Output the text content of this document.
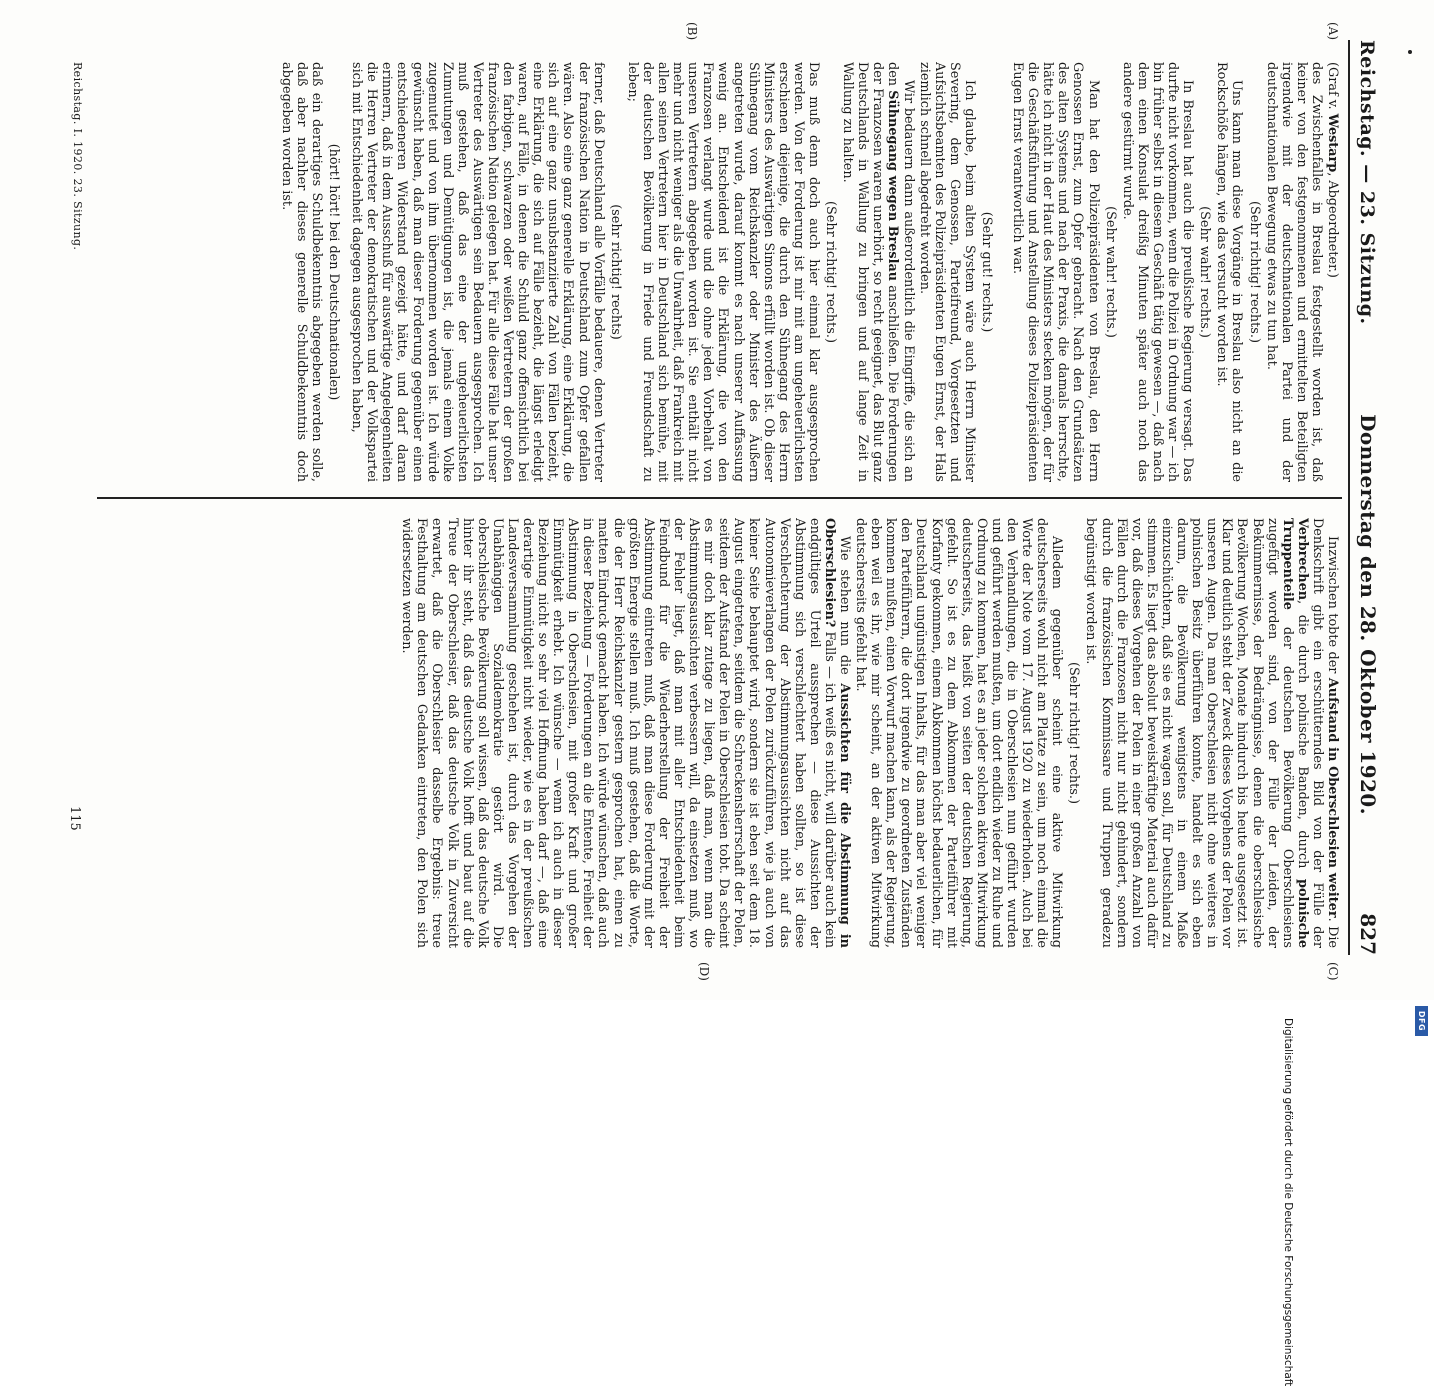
Reichstag. — 23. Sitzung.
Donnerstag den 28. Oktober 1920.
827
(A)
(B)
(C)
(D)

(Graf v. Westarp, Abgeordneter.)

des Zwischenfalles in Breslau festgestellt worden ist, daß keiner von den festgenommenen und ermittelten Beteiligten irgendwie mit der deutschnationalen Partei und der deutschnationalen Bewegung etwas zu tun hat.

(Sehr richtig! rechts.)

Uns kann man diese Vorgänge in Breslau also nicht an die Rockschöße hängen, wie das versucht worden ist.

(Sehr wahr! rechts.)

In Breslau hat auch die preußische Regierung versagt. Das durfte nicht vorkommen, wenn die Polizei in Ordnung war — ich bin früher selbst in diesem Geschäft tätig gewesen —, daß nach dem einen Konsulat dreißig Minuten später auch noch das andere gestürmt wurde.

(Sehr wahr! rechts.)

Man hat den Polizeipräsidenten von Breslau, den Herrn Genossen Ernst, zum Opfer gebracht. Nach den Grundsätzen des alten Systems und nach der Praxis, die damals herrschte, hätte ich nicht in der Haut des Ministers stecken mögen, der für die Geschäftsführung und Anstellung dieses Polizeipräsidenten Eugen Ernst verantwortlich war.

(Sehr gut! rechts.)

Ich glaube, beim alten System wäre auch Herrn Minister Severing, dem Genossen, Parteifreund, Vorgesetzten und Aufsichtsbeamten des Polizeipräsidenten Eugen Ernst, der Hals ziemlich schnell abgedreht worden.

Wir bedauern dann außerordentlich die Eingriffe, die sich an den Sühnegang wegen Breslau anschließen. Die Forderungen der Franzosen waren unerhört, so recht geeignet, das Blut ganz Deutschlands in Wallung zu bringen und auf lange Zeit in Wallung zu halten.

(Sehr richtig! rechts.)

Das muß denn doch auch hier einmal klar ausgesprochen werden. Von der Forderung ist mir mit am ungeheuerlichsten erschienen diejenige, die durch den Sühnegang des Herrn Ministers des Auswärtigen Simons erfüllt worden ist. Ob dieser Sühnegang vom Reichskanzler oder Minister des Äußern angetreten wurde, darauf kommt es nach unserer Auffassung wenig an. Entscheidend ist die Erklärung, die von den Franzosen verlangt wurde und die ohne jeden Vorbehalt von unseren Vertretern abgegeben worden ist. Sie enthält nicht mehr und nicht weniger als die Unwahrheit, daß Frankreich mit allen seinen Vertretern hier in Deutschland sich bemühe, mit der deutschen Bevölkerung in Friede und Freundschaft zu leben;

(sehr richtig! rechts)

ferner, daß Deutschland alle Vorfälle bedauere, denen Vertreter der französischen Nation in Deutschland zum Opfer gefallen wären. Also eine ganz generelle Erklärung, eine Erklärung, die sich auf eine ganz unsubstanziierte Zahl von Fällen bezieht, eine Erklärung, die sich auf Fälle bezieht, die längst erledigt waren, auf Fälle, in denen die Schuld ganz offensichtlich bei den farbigen, schwarzen oder weißen Vertretern der großen französischen Nation gelegen hat. Für alle diese Fälle hat unser Vertreter des Auswärtigen sein Bedauern ausgesprochen. Ich muß gestehen, daß das eine der ungeheuerlichsten Zumutungen und Demütigungen ist, die jemals einem Volke zugemutet und von ihm übernommen worden ist. Ich würde gewünscht haben, daß man dieser Forderung gegenüber einen entschiedeneren Widerstand gezeigt hätte, und darf daran erinnern, daß in dem Ausschuß für auswärtige Angelegenheiten die Herren Vertreter der demokratischen und der Volkspartei sich mit Entschiedenheit dagegen ausgesprochen haben,

(hört! hört! bei den Deutschnationalen)

daß ein derartiges Schuldbekenntnis abgegeben werden solle, daß aber nachher dieses generelle Schuldbekenntnis doch abgegeben worden ist.

Inzwischen tobte der Aufstand in Oberschlesien weiter. Die Denkschrift gibt ein erschütterndes Bild von der Fülle der Verbrechen, die durch polnische Banden, durch polnische Truppenteile der deutschen Bevölkerung Oberschlesiens zugefügt worden sind, von der Fülle der Leiden, der Bekümmernisse, der Bedrängnisse, denen die oberschlesische Bevölkerung Wochen, Monate hindurch bis heute ausgesetzt ist. Klar und deutlich steht der Zweck dieses Vorgehens der Polen vor unseren Augen. Da man Oberschlesien nicht ohne weiteres in polnischen Besitz überführen konnte, handelt es sich eben darum, die Bevölkerung wenigstens in einem Maße einzuschüchtern, daß sie es nicht wagen soll, für Deutschland zu stimmen. Es liegt das absolut beweiskräftige Material auch dafür vor, daß dieses Vorgehen der Polen in einer großen Anzahl von Fällen durch die Franzosen nicht nur nicht gehindert, sondern durch die französischen Kommissare und Truppen geradezu begünstigt worden ist.

(Sehr richtig! rechts.)

Alledem gegenüber scheint eine aktive Mitwirkung deutscherseits wohl nicht am Platze zu sein, um noch einmal die Worte der Note vom 17. August 1920 zu wiederholen. Auch bei den Verhandlungen, die in Oberschlesien nun geführt wurden und geführt werden mußten, um dort endlich wieder zu Ruhe und Ordnung zu kommen, hat es an jeder solchen aktiven Mitwirkung deutscherseits, das heißt von seiten der deutschen Regierung, gefehlt. So ist es zu dem Abkommen der Parteiführer mit Korfanty gekommen, einem Abkommen höchst bedauerlichen, für Deutschland ungünstigen Inhalts, für das man aber viel weniger den Parteiführern, die dort irgendwie zu geordneten Zuständen kommen mußten, einen Vorwurf machen kann, als der Regierung, eben weil es ihr, wie mir scheint, an der aktiven Mitwirkung deutscherseits gefehlt hat.

Wie stehen nun die Aussichten für die Abstimmung in Oberschlesien? Falls — ich weiß es nicht, will darüber auch kein endgültiges Urteil aussprechen — diese Aussichten der Abstimmung sich verschlechtert haben sollten, so ist diese Verschlechterung der Abstimmungsaussichten nicht auf das Autonomieverlangen der Polen zurückzuführen, wie ja auch von keiner Seite behauptet wird, sondern sie ist eben seit dem 18. August eingetreten, seitdem die Schreckensherrschaft der Polen, seitdem der Aufstand der Polen in Oberschlesien tobt. Da scheint es mir doch klar zutage zu liegen, daß man, wenn man die Abstimmungsaussichten verbessern will, da einsetzen muß, wo der Fehler liegt, daß man mit aller Entschiedenheit beim Feindbund für die Wiederherstellung der Freiheit der Abstimmung eintreten muß, daß man diese Forderung mit der größten Energie stellen muß. Ich muß gestehen, daß die Worte, die der Herr Reichskanzler gestern gesprochen hat, einen zu matten Eindruck gemacht haben. Ich würde wünschen, daß auch in dieser Beziehung — Forderungen an die Entente, Freiheit der Abstimmung in Oberschlesien, mit großer Kraft und großer Einmütigkeit erhebt. Ich wünsche — wenn ich auch in dieser Beziehung nicht so sehr viel Hoffnung haben darf —, daß eine derartige Einmütigkeit nicht wieder, wie es in der preußischen Landesversammlung geschehen ist, durch das Vorgehen der Unabhängigen Sozialdemokratie gestört wird. Die oberschlesische Bevölkerung soll wissen, daß das deutsche Volk hinter ihr steht, daß das deutsche Volk hofft und baut auf die Treue der Oberschlesier, daß das deutsche Volk in Zuversicht erwartet, daß die Oberschlesier dasselbe Ergebnis: treue Festhaltung am deutschen Gedanken eintreten, den Polen sich widersetzen werden.

Reichstag. I. 1920. 23. Sitzung.
115
DFG
Digitalisierung gefördert durch die Deutsche Forschungsgemeinschaft
